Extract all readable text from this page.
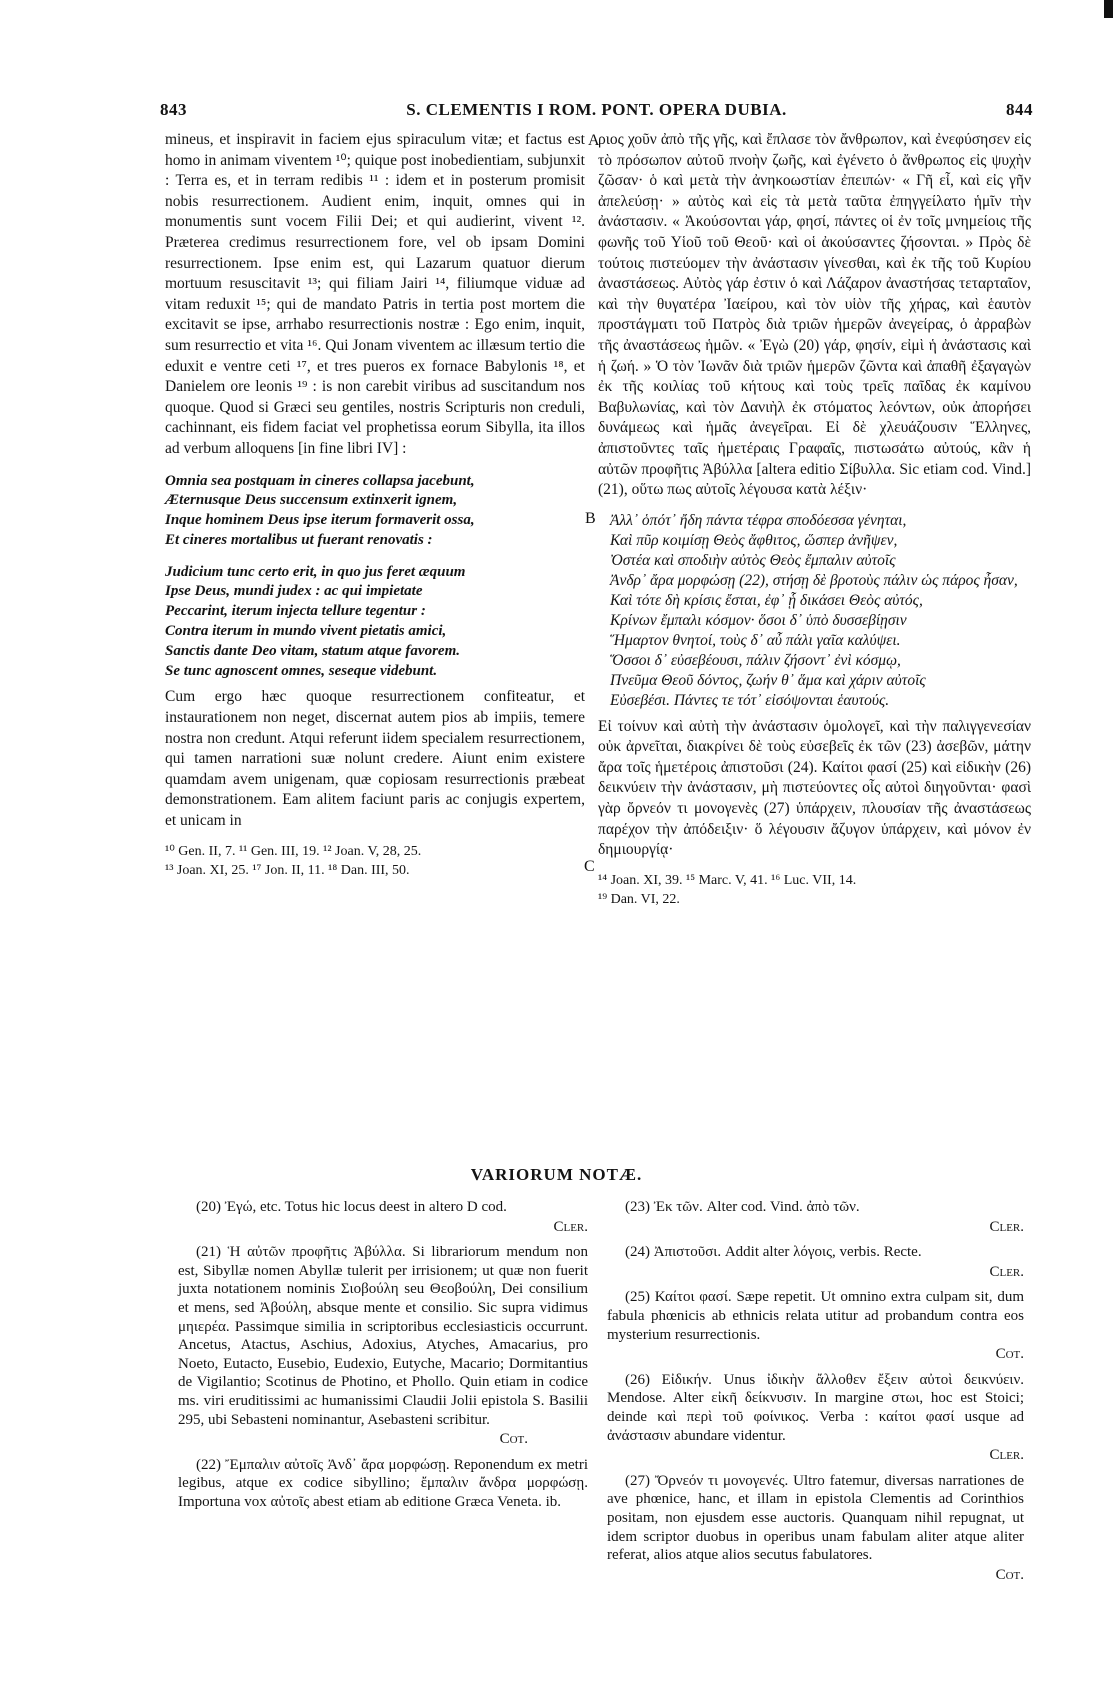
843	S. CLEMENTIS I ROM. PONT. OPERA DUBIA.	844
A
B
C

mineus, et inspiravit in faciem ejus spiraculum vitæ; et factus est homo in animam viventem ¹⁰; quique post inobedientiam, subjunxit : Terra es, et in terram redibis ¹¹ : idem et in posterum promisit nobis resurrectionem. Audient enim, inquit, omnes qui in monumentis sunt vocem Filii Dei; et qui audierint, vivent ¹². Præterea credimus resurrectionem fore, vel ob ipsam Domini resurrectionem. Ipse enim est, qui Lazarum quatuor dierum mortuum resuscitavit ¹³; qui filiam Jairi ¹⁴, filiumque viduæ ad vitam reduxit ¹⁵; qui de mandato Patris in tertia post mortem die excitavit se ipse, arrhabo resurrectionis nostræ : Ego enim, inquit, sum resurrectio et vita ¹⁶. Qui Jonam viventem ac illæsum tertio die eduxit e ventre ceti ¹⁷, et tres pueros ex fornace Babylonis ¹⁸, et Danielem ore leonis ¹⁹ : is non carebit viribus ad suscitandum nos quoque. Quod si Græci seu gentiles, nostris Scripturis non creduli, cachinnant, eis fidem faciat vel prophetissa eorum Sibylla, ita illos ad verbum alloquens [in fine libri IV] :

Omnia sea postquam in cineres collapsa jacebunt,
Æternusque Deus succensum extinxerit ignem,
Inque hominem Deus ipse iterum formaverit ossa,
Et cineres mortalibus ut fuerant renovatis :

Judicium tunc certo erit, in quo jus feret æquum
Ipse Deus, mundi judex : ac qui impietate
Peccarint, iterum injecta tellure tegentur :
Contra iterum in mundo vivent pietatis amici,
Sanctis dante Deo vitam, statum atque favorem.
Se tunc agnoscent omnes, seseque videbunt.

Cum ergo hæc quoque resurrectionem confiteatur, et instaurationem non neget, discernat autem pios ab impiis, temere nostra non credunt. Atqui referunt iidem specialem resurrectionem, qui tamen narrationi suæ nolunt credere. Aiunt enim existere quamdam avem unigenam, quæ copiosam resurrectionis præbeat demonstrationem. Eam alitem faciunt paris ac conjugis expertem, et unicam in

¹⁰ Gen. II, 7. ¹¹ Gen. III, 19. ¹² Joan. V, 28, 25.
¹³ Joan. XI, 25. ¹⁷ Jon. II, 11. ¹⁸ Dan. III, 50.

ριος χοῦν ἀπὸ τῆς γῆς, καὶ ἔπλασε τὸν ἄνθρωπον, καὶ ἐνεφύσησεν εἰς τὸ πρόσωπον αὐτοῦ πνοὴν ζωῆς, καὶ ἐγένετο ὁ ἄνθρωπος εἰς ψυχὴν ζῶσαν· ὁ καὶ μετὰ τὴν ἀνηκοωστίαν ἐπειπών· « Γῆ εἶ, καὶ εἰς γῆν ἀπελεύσῃ· » αὐτὸς καὶ εἰς τὰ μετὰ ταῦτα ἐπηγγείλατο ἡμῖν τὴν ἀνάστασιν. « Ἀκούσονται γάρ, φησί, πάντες οἱ ἐν τοῖς μνημείοις τῆς φωνῆς τοῦ Υἱοῦ τοῦ Θεοῦ· καὶ οἱ ἀκούσαντες ζήσονται. » Πρὸς δὲ τούτοις πιστεύομεν τὴν ἀνάστασιν γίνεσθαι, καὶ ἐκ τῆς τοῦ Κυρίου ἀναστάσεως. Αὐτὸς γάρ ἐστιν ὁ καὶ Λάζαρον ἀναστήσας τεταρταῖον, καὶ τὴν θυγατέρα Ἰαείρου, καὶ τὸν υἱὸν τῆς χήρας, καὶ ἑαυτὸν προστάγματι τοῦ Πατρὸς διὰ τριῶν ἡμερῶν ἀνεγείρας, ὁ ἀρραβὼν τῆς ἀναστάσεως ἡμῶν. « Ἐγὼ (20) γάρ, φησίν, εἰμὶ ἡ ἀνάστασις καὶ ἡ ζωή. » Ὁ τὸν Ἰωνᾶν διὰ τριῶν ἡμερῶν ζῶντα καὶ ἀπαθῆ ἐξαγαγὼν ἐκ τῆς κοιλίας τοῦ κήτους καὶ τοὺς τρεῖς παῖδας ἐκ καμίνου Βαβυλωνίας, καὶ τὸν Δανιὴλ ἐκ στόματος λεόντων, οὐκ ἀπορήσει δυνάμεως καὶ ἡμᾶς ἀνεγεῖραι. Εἰ δὲ χλευάζουσιν Ἕλληνες, ἀπιστοῦντες ταῖς ἡμετέραις Γραφαῖς, πιστωσάτω αὐτούς, κἂν ἡ αὐτῶν προφῆτις Ἀβύλλα [altera editio Σίβυλλα. Sic etiam cod. Vind.] (21), οὕτω πως αὐτοῖς λέγουσα κατὰ λέξιν·

Ἀλλ᾽ ὁπότ᾽ ἤδη πάντα τέφρα σποδόεσσα γένηται,
Καὶ πῦρ κοιμίσῃ Θεὸς ἄφθιτος, ὥσπερ ἀνῆψεν,
Ὀστέα καὶ σποδιὴν αὐτὸς Θεὸς ἔμπαλιν αὐτοῖς
Ἀνδρ᾽ ἄρα μορφώσῃ (22), στήσῃ δὲ βροτοὺς πάλιν ὡς πάρος ἦσαν,
Καὶ τότε δὴ κρίσις ἔσται, ἐφ᾽ ᾗ δικάσει Θεὸς αὐτός,
Κρίνων ἔμπαλι κόσμον· ὅσοι δ᾽ ὑπὸ δυσσεβίῃσιν
Ἥμαρτον θνητοί, τοὺς δ᾽ αὖ πάλι γαῖα καλύψει.
Ὅσσοι δ᾽ εὐσεβέουσι, πάλιν ζήσοντ᾽ ἐνὶ κόσμῳ,
Πνεῦμα Θεοῦ δόντος, ζωήν θ᾽ ἅμα καὶ χάριν αὐτοῖς
Εὐσεβέσι. Πάντες τε τότ᾽ εἰσόψονται ἑαυτούς.

Εἰ τοίνυν καὶ αὐτὴ τὴν ἀνάστασιν ὁμολογεῖ, καὶ τὴν παλιγγενεσίαν οὐκ ἀρνεῖται, διακρίνει δὲ τοὺς εὐσεβεῖς ἐκ τῶν (23) ἀσεβῶν, μάτην ἄρα τοῖς ἡμετέροις ἀπιστοῦσι (24). Καίτοι φασί (25) καὶ εἰδικὴν (26) δεικνύειν τὴν ἀνάστασιν, μὴ πιστεύοντες οἷς αὐτοὶ διηγοῦνται· φασὶ γὰρ ὄρνεόν τι μονογενὲς (27) ὑπάρχειν, πλουσίαν τῆς ἀναστάσεως παρέχον τὴν ἀπόδειξιν· ὅ λέγουσιν ἄζυγον ὑπάρχειν, καὶ μόνον ἐν δημιουργίᾳ·

¹⁴ Joan. XI, 39. ¹⁵ Marc. V, 41. ¹⁶ Luc. VII, 14.
¹⁹ Dan. VI, 22.

VARIORUM NOTÆ.

(20) Ἐγώ, etc. Totus hic locus deest in altero D cod.
Cler.

(21) Ἡ αὐτῶν προφῆτις Ἀβύλλα. Si librariorum mendum non est, Sibyllæ nomen Abyllæ tulerit per irrisionem; ut quæ non fuerit juxta notationem nominis Σιοβούλη seu Θεοβούλη, Dei consilium et mens, sed Ἀβούλη, absque mente et consilio. Sic supra vidimus μηιερέα. Passimque similia in scriptoribus ecclesiasticis occurrunt. Ancetus, Atactus, Aschius, Adoxius, Atyches, Amacarius, pro Noeto, Eutacto, Eusebio, Eudexio, Eutyche, Macario; Dormitantius de Vigilantio; Scotinus de Photino, et Phollo. Quin etiam in codice ms. viri eruditissimi ac humanissimi Claudii Jolii epistola S. Basilii 295, ubi Sebasteni nominantur, Asebasteni scribitur.
Cot.

(22) Ἔμπαλιν αὐτοῖς Ἀνδ᾽ ἄρα μορφώσῃ. Reponendum ex metri legibus, atque ex codice sibyllino; ἔμπαλιν ἄνδρα μορφώσῃ. Importuna vox αὐτοῖς abest etiam ab editione Græca Veneta. ib.

(23) Ἐκ τῶν. Alter cod. Vind. ἀπὸ τῶν.
Cler.

(24) Ἀπιστοῦσι. Addit alter λόγοις, verbis. Recte.
Cler.

(25) Καίτοι φασί. Sæpe repetit. Ut omnino extra culpam sit, dum fabula phœnicis ab ethnicis relata utitur ad probandum contra eos mysterium resurrectionis.
Cot.

(26) Εἰδικήν. Unus ἰδικὴν ἄλλοθεν ἔξειν αὐτοὶ δεικνύειν. Mendose. Alter εἰκῆ δείκνυσιν. In margine στωι, hoc est Stoici; deinde καὶ περὶ τοῦ φοίνικος. Verba : καίτοι φασί usque ad ἀνάστασιν abundare videntur.
Cler.

(27) Ὄρνεόν τι μονογενές. Ultro fatemur, diversas narrationes de ave phœnice, hanc, et illam in epistola Clementis ad Corinthios positam, non ejusdem esse auctoris. Quanquam nihil repugnat, ut idem scriptor duobus in operibus unam fabulam aliter atque aliter referat, alios atque alios secutus fabulatores.
Cot.
